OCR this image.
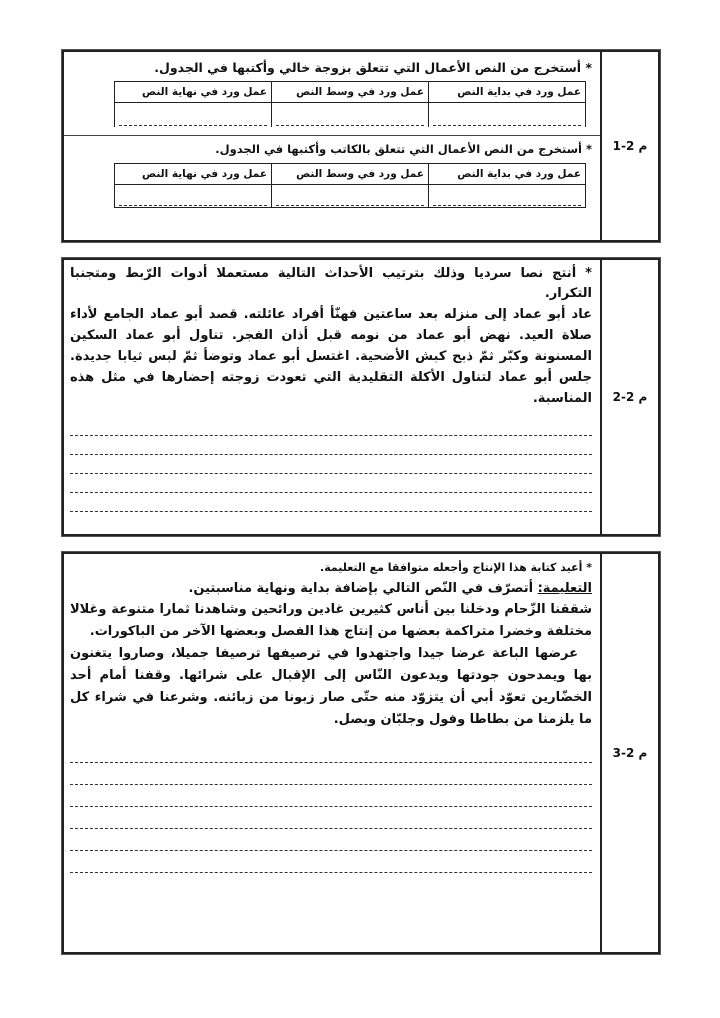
م 2-1
* أستخرج من النص الأعمال التي تتعلق بزوجة خالي وأكتبها في الجدول.
عمل ورد في بداية النص	عمل ورد في وسط النص	عمل ورد في نهاية النص

* أستخرج من النص الأعمال التي تتعلق بالكاتب وأكتبها في الجدول.
عمل ورد في بداية النص	عمل ورد في وسط النص	عمل ورد في نهاية النص

م 2-2
* أنتج نصا سرديا وذلك بترتيب الأحداث التالية مستعملا أدوات الرّبط ومتجنبا التكرار.
عاد أبو عماد إلى منزله بعد ساعتين فهنّأ أفراد عائلته. قصد أبو عماد الجامع لأداء صلاة العيد. نهض أبو عماد من نومه قبل أذان الفجر. تناول أبو عماد السكين المسنونة وكبّر ثمّ ذبح كبش الأضحية. اغتسل أبو عماد وتوضأ ثمّ لبس ثيابا جديدة. جلس أبو عماد لتناول الأكلة التقليدية التي تعودت زوجته إحضارها في مثل هذه المناسبة.
م 2-3
* أعيد كتابة هذا الإنتاج وأجعله متوافقا مع التعليمة.
التعليمة: أتصرّف في النّص التالي بإضافة بداية ونهاية مناسبتين.
شققنا الزّحام ودخلنا بين أناس كثيرين غادين ورائحين وشاهدنا ثمارا متنوعة وغلالا مختلفة وخضرا متراكمة بعضها من إنتاج هذا الفصل وبعضها الآخر من الباكورات.
عرضها الباعة عرضا جيدا واجتهدوا في ترصيفها ترصيفا جميلا، وصاروا يتغنون بها ويمدحون جودتها ويدعون النّاس إلى الإقبال على شرائها. وقفنا أمام أحد الخضّارين تعوّد أبي أن يتزوّد منه حتّى صار زبونا من زبائنه. وشرعنا في شراء كل ما يلزمنا من بطاطا وفول وجلبّان وبصل.
